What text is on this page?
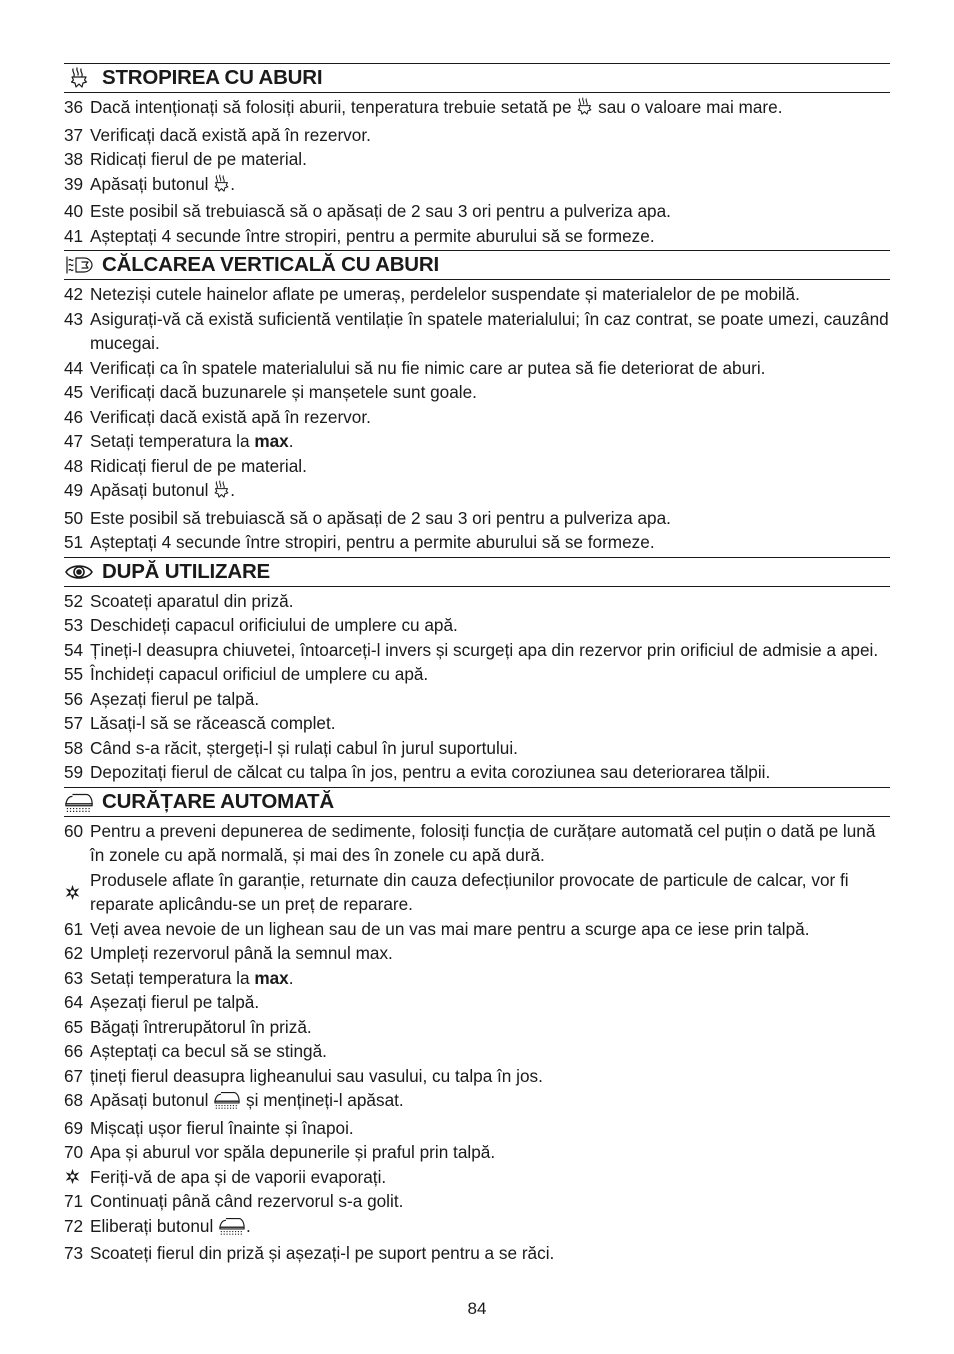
STROPIREA CU ABURI
36 Dacă intenționați să folosiți aburii, tenperatura trebuie setată pe  sau o valoare mai mare.
37 Verificați dacă există apă în rezervor.
38 Ridicați fierul de pe material.
39 Apăsați butonul .
40 Este posibil să trebuiască să o apăsați de 2 sau 3 ori pentru a pulveriza apa.
41 Așteptați 4 secunde între stropiri, pentru a permite aburului să se formeze.
CĂLCAREA VERTICALĂ CU ABURI
42 Neteziși cutele hainelor aflate pe umeraș, perdelelor suspendate și materialelor de pe mobilă.
43 Asigurați-vă că există suficientă ventilație în spatele materialului; în caz contrat, se poate umezi, cauzând mucegai.
44 Verificați ca în spatele materialului să nu fie nimic care ar putea să fie deteriorat de aburi.
45 Verificați dacă buzunarele și manșetele sunt goale.
46 Verificați dacă există apă în rezervor.
47 Setați temperatura la max.
48 Ridicați fierul de pe material.
49 Apăsați butonul .
50 Este posibil să trebuiască să o apăsați de 2 sau 3 ori pentru a pulveriza apa.
51 Așteptați 4 secunde între stropiri, pentru a permite aburului să se formeze.
DUPĂ UTILIZARE
52 Scoateți aparatul din priză.
53 Deschideți capacul orificiului de umplere cu apă.
54 Țineți-l deasupra chiuvetei, întoarceți-l invers și scurgeți apa din rezervor prin orificiul de admisie a apei.
55 Închideți capacul orificiul de umplere cu apă.
56 Așezați fierul pe talpă.
57 Lăsați-l să se răcească complet.
58 Când s-a răcit, ștergeți-l și rulați cabul în jurul suportului.
59 Depozitați fierul de călcat cu talpa în jos, pentru a evita coroziunea sau deteriorarea tălpii.
CURĂȚARE AUTOMATĂ
60 Pentru a preveni depunerea de sedimente, folosiți funcția de curățare automată cel puțin o dată pe lună în zonele cu apă normală, și mai des în zonele cu apă dură.
Produsele aflate în garanție, returnate din cauza defecțiunilor provocate de particule de calcar, vor fi reparate aplicându-se un preț de reparare.
61 Veți avea nevoie de un lighean sau de un vas mai mare pentru a scurge apa ce iese prin talpă.
62 Umpleți rezervorul până la semnul max.
63 Setați temperatura la max.
64 Așezați fierul pe talpă.
65 Băgați întrerupătorul în priză.
66 Așteptați ca becul să se stingă.
67 țineți fierul deasupra ligheanului sau vasului, cu talpa în jos.
68 Apăsați butonul  și mențineți-l apăsat.
69 Mișcați ușor fierul înainte și înapoi.
70 Apa și aburul vor spăla depunerile și praful prin talpă.
Feriți-vă de apa și de vaporii evaporați.
71 Continuați până când rezervorul s-a golit.
72 Eliberați butonul .
73 Scoateți fierul din priză și așezați-l pe suport pentru a se răci.
84
